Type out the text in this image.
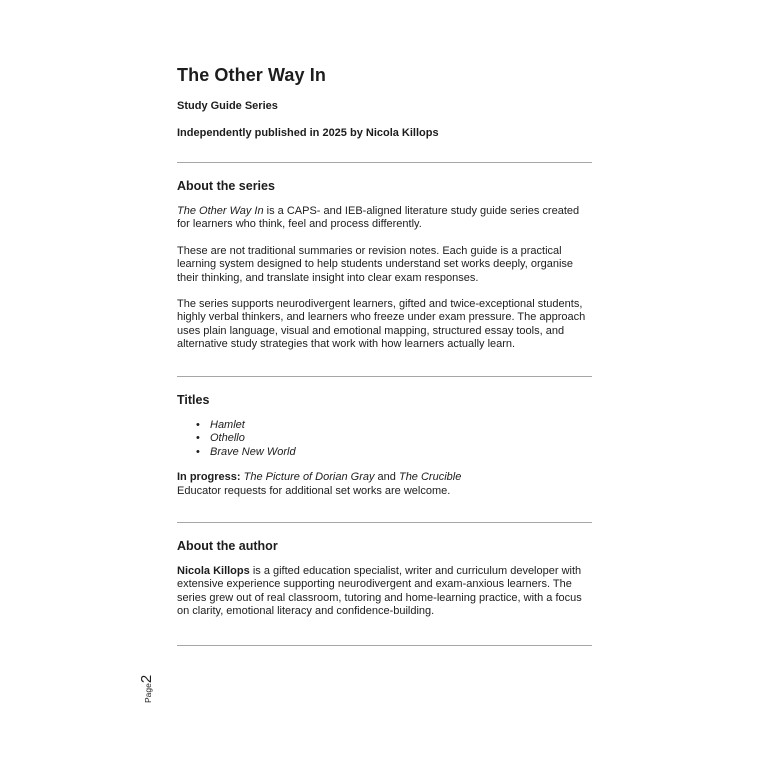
The Other Way In

Study Guide Series

Independently published in 2025 by Nicola Killops

About the series

The Other Way In is a CAPS- and IEB-aligned literature study guide series created for learners who think, feel and process differently.

These are not traditional summaries or revision notes. Each guide is a practical learning system designed to help students understand set works deeply, organise their thinking, and translate insight into clear exam responses.

The series supports neurodivergent learners, gifted and twice-exceptional students, highly verbal thinkers, and learners who freeze under exam pressure. The approach uses plain language, visual and emotional mapping, structured essay tools, and alternative study strategies that work with how learners actually learn.

Titles
• Hamlet
• Othello
• Brave New World

In progress: The Picture of Dorian Gray and The Crucible

Educator requests for additional set works are welcome.

About the author

Nicola Killops is a gifted education specialist, writer and curriculum developer with extensive experience supporting neurodivergent and exam-anxious learners. The series grew out of real classroom, tutoring and home-learning practice, with a focus on clarity, emotional literacy and confidence-building.

Page2
